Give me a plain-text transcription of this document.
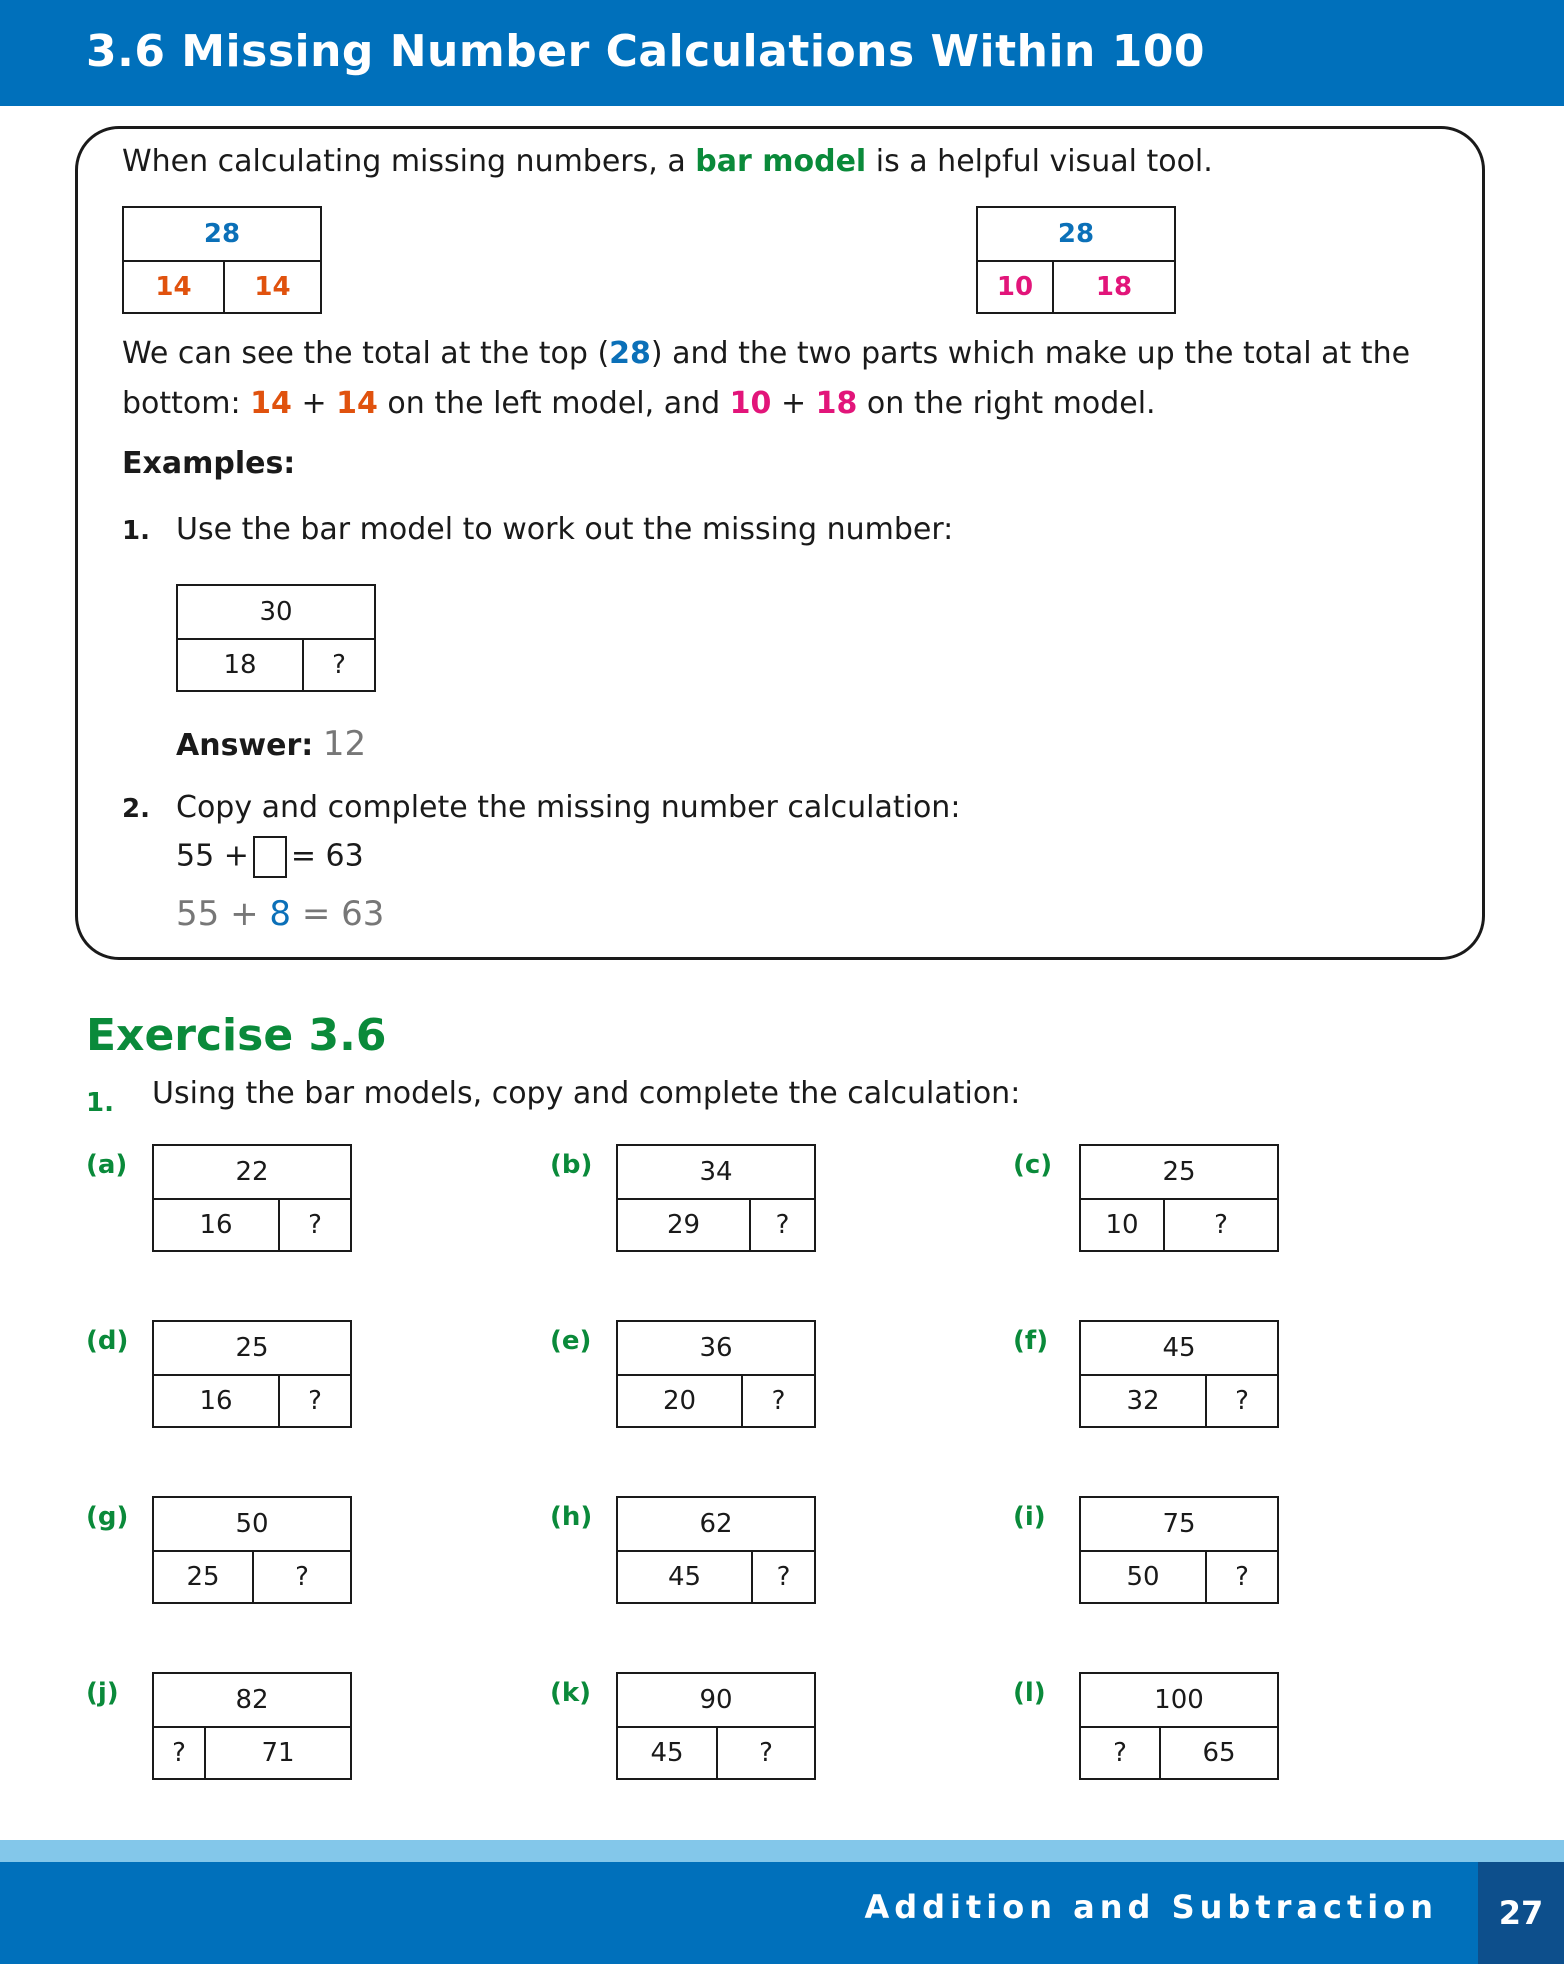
3.6 Missing Number Calculations Within 100
When calculating missing numbers, a bar model is a helpful visual tool.
28
14	14
28
10	18
We can see the total at the top (28) and the two parts which make up the total at the
bottom: 14 + 14 on the left model, and 10 + 18 on the right model.
Examples:
1. Use the bar model to work out the missing number:
30
18	?
Answer: 12
2. Copy and complete the missing number calculation:
55 + = 63
55 + 8 = 63
Exercise 3.6
1. Using the bar models, copy and complete the calculation:
(a)	22
16	?
(b)	34
29	?
(c)	25
10	?
(d)	25
16	?
(e)	36
20	?
(f)	45
32	?
(g)	50
25	?
(h)	62
45	?
(i)	75
50	?
(j)	82
?	71
(k)	90
45	?
(l)	100
?	65
Addition and Subtraction	27
